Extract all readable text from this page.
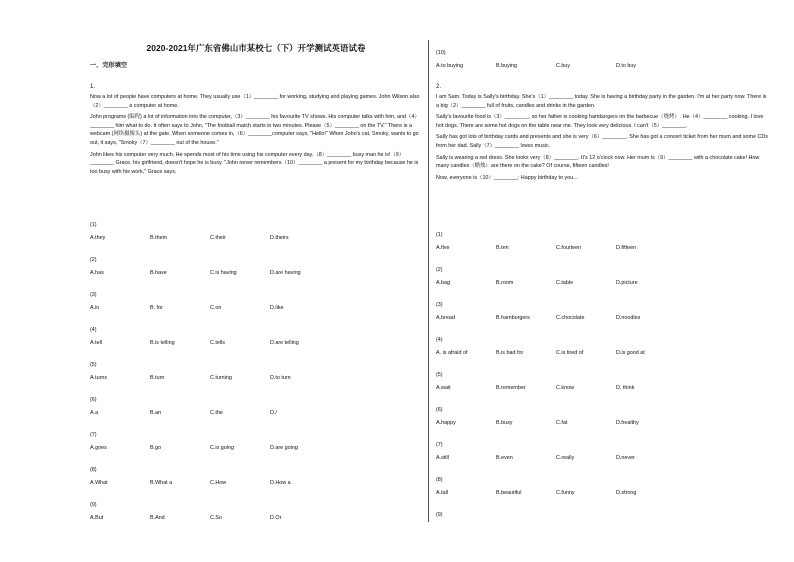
2020-2021年广东省佛山市某校七（下）开学测试英语试卷
一、完形填空

1.

Now a lot of people have computers at home. They usually use（1）________ for working, studying and playing games. John Wilson also（2）________ a computer at home.

John programs (编程) a lot of information into the computer,（3）________ his favourite TV shows. His computer talks with him, and（4）________ him what to do. It often says to John, "The football match starts in two minutes. Please（5）________ on the TV." There is a webcam (网络摄像头) at the gate. When someone comes in,（6）________computer says, "Hello!" When John's cat, Smoky, wants to go out, it says, "Smoky（7）________ out of the house."

John likes his computer very much. He spends most of his time using his computer every day.（8）________ busy man he is!（9）________ Grace, his girlfriend, doesn't hope he is busy. "John never remembers（10）________ a present for my birthday because he is too busy with his work," Grace says.

(1)
A.they	B.them	C.their	D.theirs
(2)
A.has	B.have	C.is having	D.are having
(3)
A.in	B. for	C.on	D.like
(4)
A.tell	B.is telling	C.tells	D.are telling
(5)
A.turns	B.turn	C.turning	D.to turn
(6)
A.a	B.an	C.the	D./
(7)
A.goes	B.go	C.is going	D.are going
(8)
A.What	B.What a	C.How	D.How a
(9)
A.But	B.And	C.So	D.Or
(10)
A.to buying	B.buying	C.buy	D.to buy

2.

I am Sam. Today is Sally's birthday. She's（1）________ today. She is having a birthday party in the garden. I'm at her party now. There is a big（2）________ full of fruits, candles and drinks in the garden.

Sally's favourite food is（3）________, so her father is cooking hamburgers on the barbecue（烧烤）. He（4）________ cooking. I love hot dogs. There are some hot dogs on the table near me. They look very delicious. I can't（5）________.

Sally has got lots of birthday cards and presents and she is very（6）________. She has got a concert ticket from her mum and some CDs from her dad. Sally（7）________ loves music.

Sally is wearing a red dress. She looks very（8）________. It's 12 o'clock now. Her mum is（9）________ with a chocolate cake! How many candles（蜡烛）are there on the cake? Of course, fifteen candles!

Now, everyone is（10）________: Happy birthday to you...

(1)
A.five	B.ten	C.fourteen	D.fifteen
(2)
A.bag	B.room	C.table	D.picture
(3)
A.bread	B.hamburgers	C.chocolate	D.noodles
(4)
A. is afraid of	B.is bad for	C.is tired of	D.is good at
(5)
A.wait	B.remember	C.know	D. think
(6)
A.happy	B.busy	C.fat	D.healthy
(7)
A.still	B.even	C.really	D.never
(8)
A.tall	B.beautiful	C.funny	D.strong
(9)
